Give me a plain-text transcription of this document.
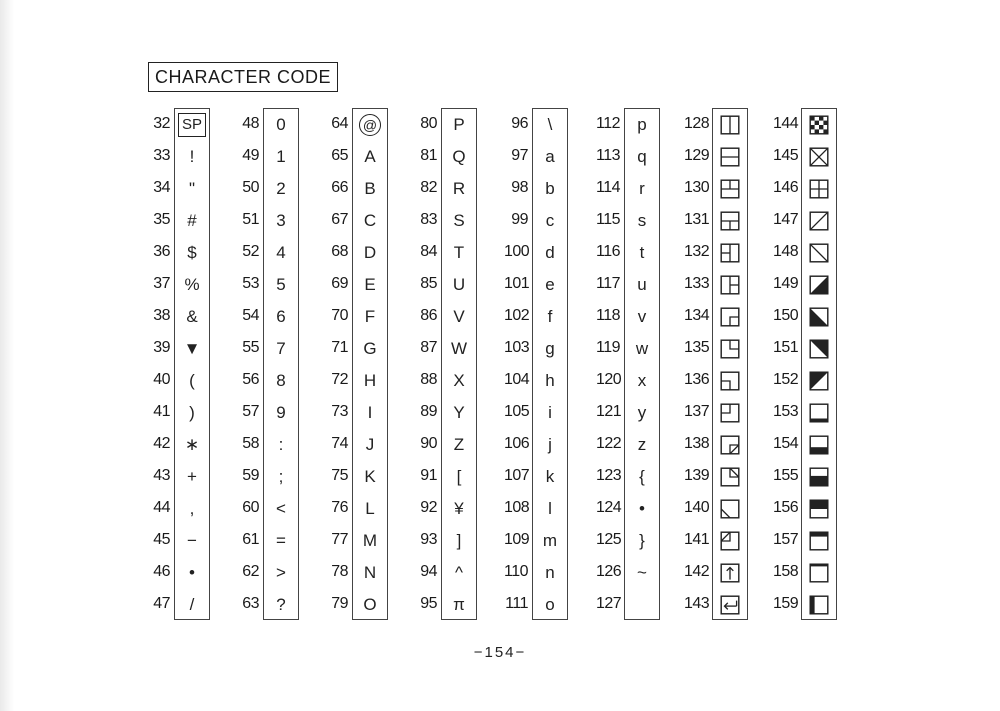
CHARACTER CODE
32
33
34
35
36
37
38
39
40
41
42
43
44
45
46
47
SP
!
"
#
$
%
&
▼
(
)
∗
+
,
−
•
/
48
49
50
51
52
53
54
55
56
57
58
59
60
61
62
63
0
1
2
3
4
5
6
7
8
9
:
;
<
=
>
?
64
65
66
67
68
69
70
71
72
73
74
75
76
77
78
79
@
A
B
C
D
E
F
G
H
I
J
K
L
M
N
O
80
81
82
83
84
85
86
87
88
89
90
91
92
93
94
95
P
Q
R
S
T
U
V
W
X
Y
Z
[
¥
]
^
π
96
97
98
99
100
101
102
103
104
105
106
107
108
109
110
111
\
a
b
c
d
e
f
g
h
i
j
k
l
m
n
o
112
113
114
115
116
117
118
119
120
121
122
123
124
125
126
127
p
q
r
s
t
u
v
w
x
y
z
{
•
}
~
128
129
130
131
132
133
134
135
136
137
138
139
140
141
142
143
144
145
146
147
148
149
150
151
152
153
154
155
156
157
158
159
−154−
